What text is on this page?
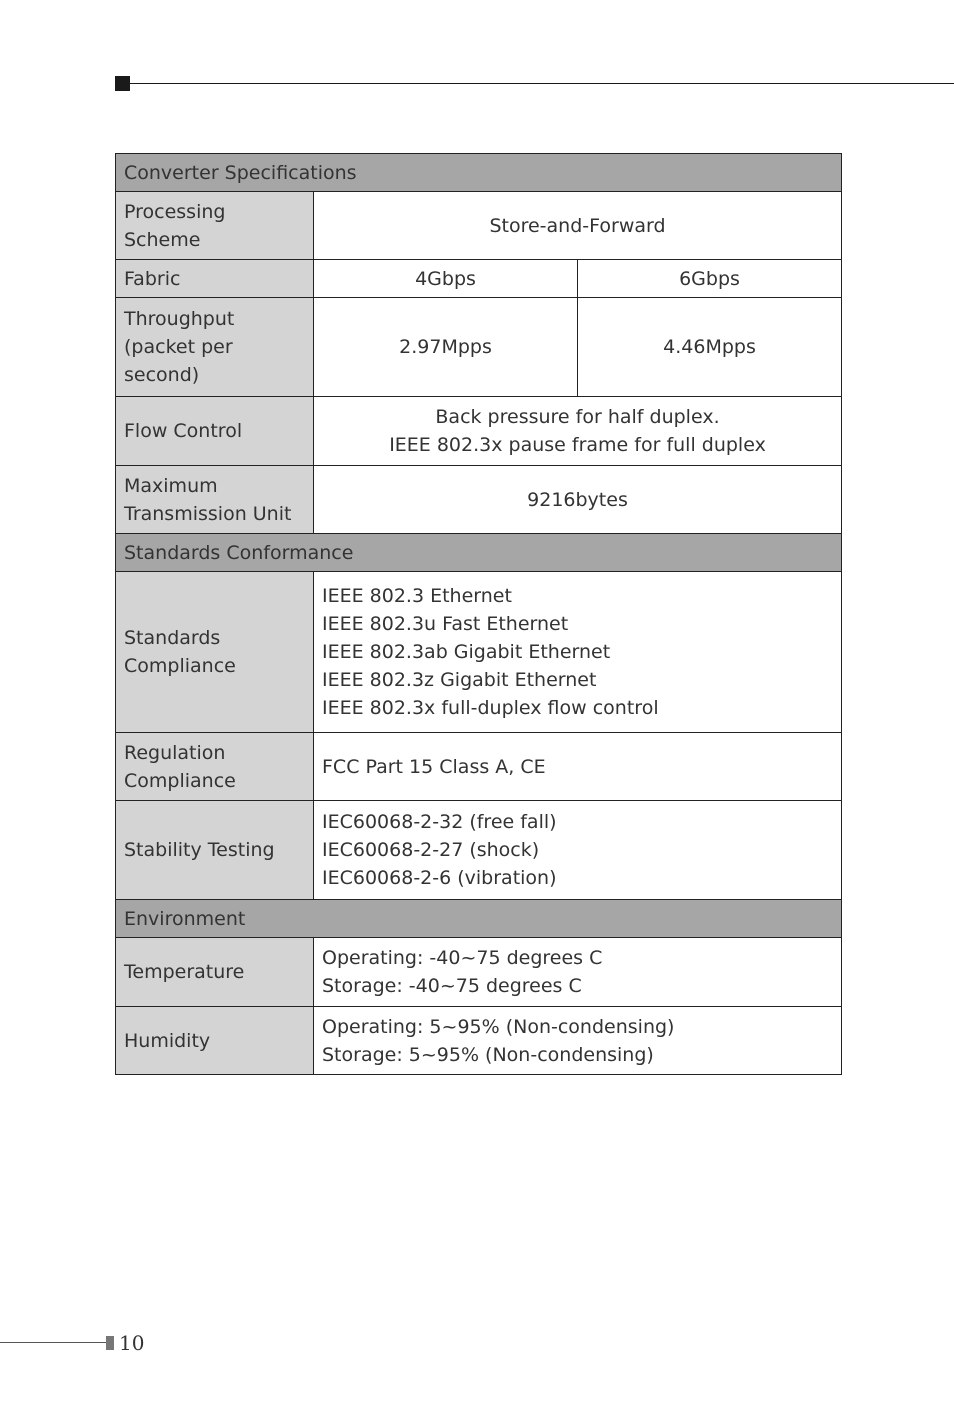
Converter Specifications		

Processing
Scheme	Store-and-Forward	
Fabric	4Gbps	6Gbps

Throughput
(packet per
second)	2.97Mpps	4.46Mpps
Flow Control	Back pressure for half duplex.
IEEE 802.3x pause frame for full duplex	

Maximum
Transmission Unit	9216bytes	
Standards Conformance		

Standards
Compliance	IEEE 802.3 Ethernet
IEEE 802.3u Fast Ethernet
IEEE 802.3ab Gigabit Ethernet
IEEE 802.3z Gigabit Ethernet
IEEE 802.3x full-duplex flow control	

Regulation
Compliance	FCC Part 15 Class A, CE	
Stability Testing	IEC60068-2-32 (free fall)
IEC60068-2-27 (shock)
IEC60068-2-6 (vibration)	

Environment		
Temperature	Operating: -40~75 degrees C
Storage: -40~75 degrees C	

Humidity	Operating: 5~95% (Non-condensing)
Storage: 5~95% (Non-condensing)	
10
